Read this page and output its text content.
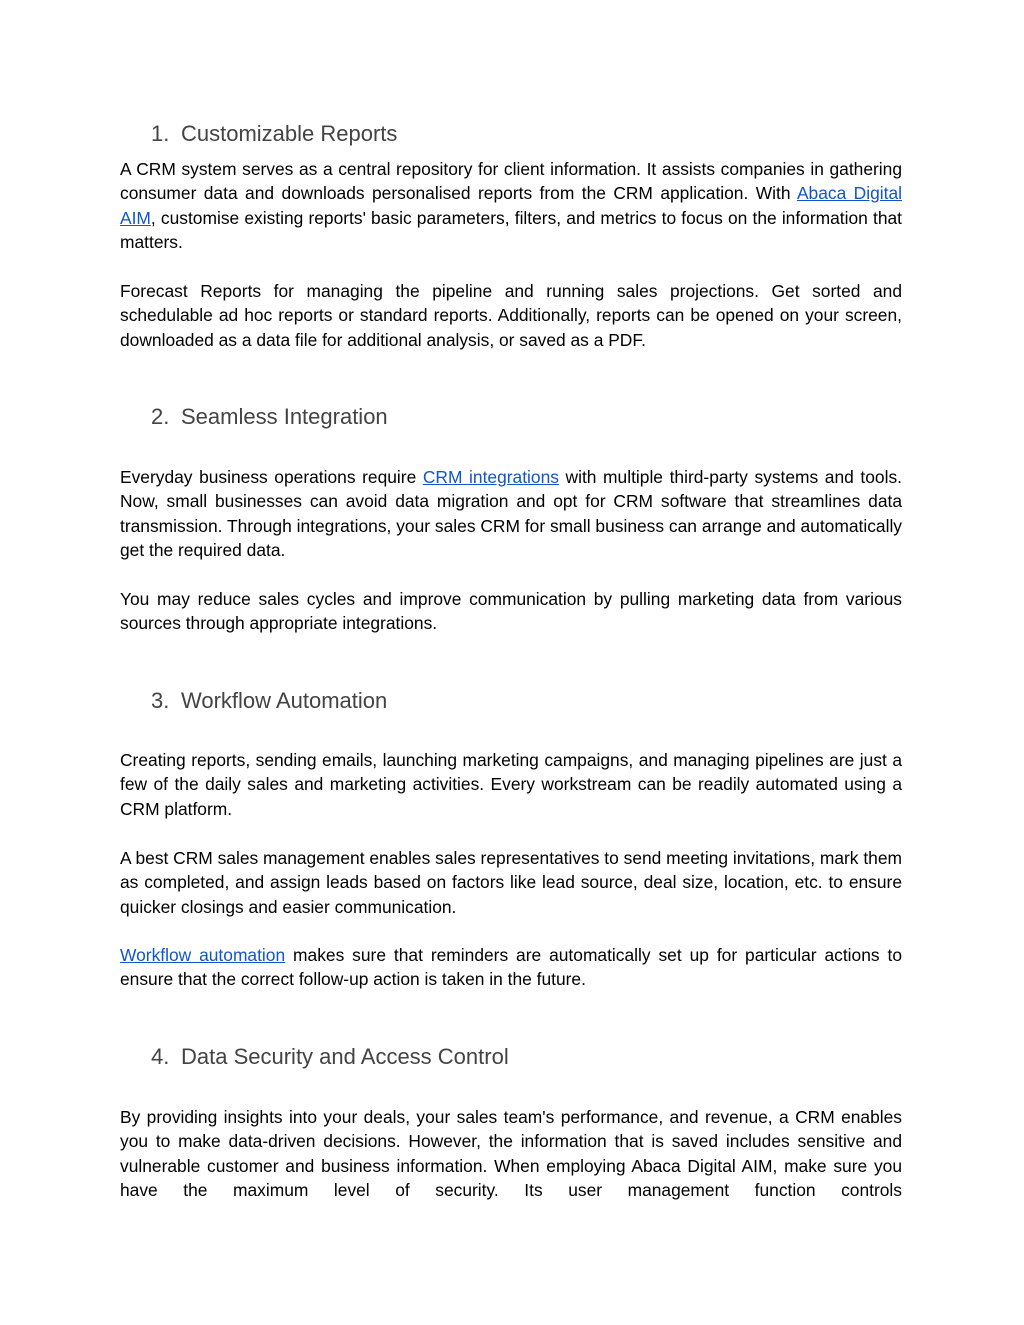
1. Customizable Reports

A CRM system serves as a central repository for client information. It assists companies in gathering consumer data and downloads personalised reports from the CRM application. With Abaca Digital AIM, customise existing reports' basic parameters, filters, and metrics to focus on the information that matters.

Forecast Reports for managing the pipeline and running sales projections. Get sorted and schedulable ad hoc reports or standard reports. Additionally, reports can be opened on your screen, downloaded as a data file for additional analysis, or saved as a PDF.

2. Seamless Integration

Everyday business operations require CRM integrations with multiple third-party systems and tools. Now, small businesses can avoid data migration and opt for CRM software that streamlines data transmission. Through integrations, your sales CRM for small business can arrange and automatically get the required data.

You may reduce sales cycles and improve communication by pulling marketing data from various sources through appropriate integrations.

3. Workflow Automation

Creating reports, sending emails, launching marketing campaigns, and managing pipelines are just a few of the daily sales and marketing activities. Every workstream can be readily automated using a CRM platform.

A best CRM sales management enables sales representatives to send meeting invitations, mark them as completed, and assign leads based on factors like lead source, deal size, location, etc. to ensure quicker closings and easier communication.

Workflow automation makes sure that reminders are automatically set up for particular actions to ensure that the correct follow-up action is taken in the future.

4. Data Security and Access Control

By providing insights into your deals, your sales team's performance, and revenue, a CRM enables you to make data-driven decisions. However, the information that is saved includes sensitive and vulnerable customer and business information. When employing Abaca Digital AIM, make sure you have the maximum level of security. Its user management function controls
